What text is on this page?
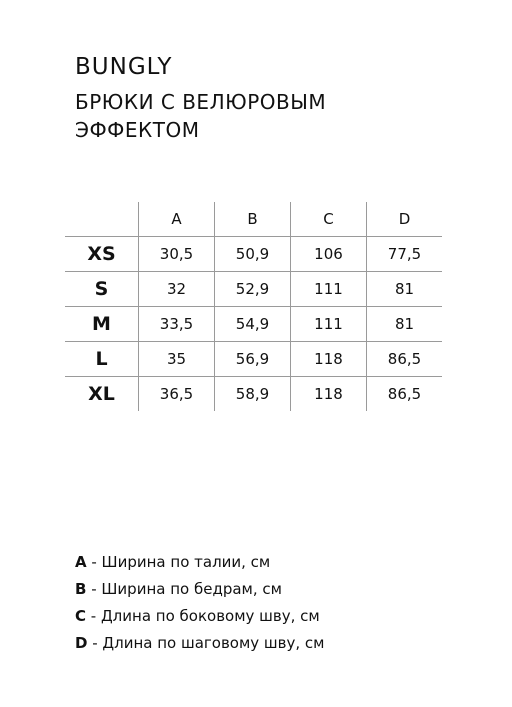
BUNGLY
БРЮКИ С ВЕЛЮРОВЫМ
ЭФФЕКТОМ
	A	B	C	D
XS	30,5	50,9	106	77,5
S	32	52,9	111	81
M	33,5	54,9	111	81
L	35	56,9	118	86,5
XL	36,5	58,9	118	86,5
A - Ширина по талии, см
B - Ширина по бедрам, см
C - Длина по боковому шву, см
D - Длина по шаговому шву, см
